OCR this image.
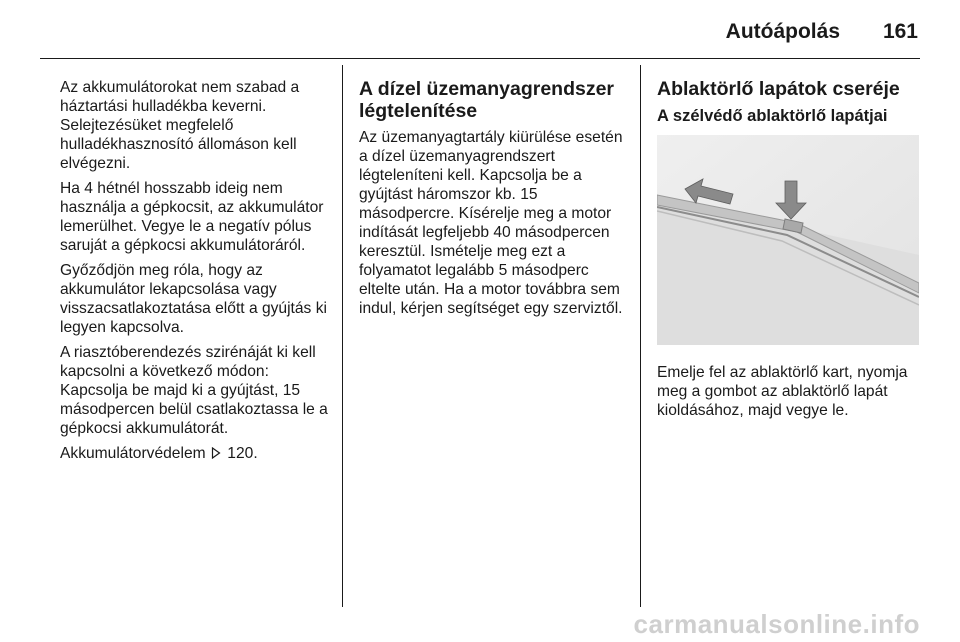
Autóápolás 161

Az akkumulátorokat nem szabad a háztartási hulladékba keverni. Selejtezésüket megfelelő hulladékhasznosító állomáson kell elvégezni.

Ha 4 hétnél hosszabb ideig nem használja a gépkocsit, az akkumulátor lemerülhet. Vegye le a negatív pólus saruját a gépkocsi akkumulátoráról.

Győződjön meg róla, hogy az akkumulátor lekapcsolása vagy visszacsatlakoztatása előtt a gyújtás ki legyen kapcsolva.

A riasztóberendezés szirénáját ki kell kapcsolni a következő módon: Kapcsolja be majd ki a gyújtást, 15 másodpercen belül csatlakoztassa le a gépkocsi akkumulátorát.

Akkumulátorvédelem 120.

A dízel üzemanyagrendszer légtelenítése

Az üzemanyagtartály kiürülése esetén a dízel üzemanyagrendszert légteleníteni kell. Kapcsolja be a gyújtást háromszor kb. 15 másodpercre. Kísérelje meg a motor indítását legfeljebb 40 másodpercen keresztül. Ismételje meg ezt a folyamatot legalább 5 másodperc eltelte után. Ha a motor továbbra sem indul, kérjen segítséget egy szerviztől.

Ablaktörlő lapátok cseréje
A szélvédő ablaktörlő lapátjai

Emelje fel az ablaktörlő kart, nyomja meg a gombot az ablaktörlő lapát kioldásához, majd vegye le.

carmanualsonline.info
